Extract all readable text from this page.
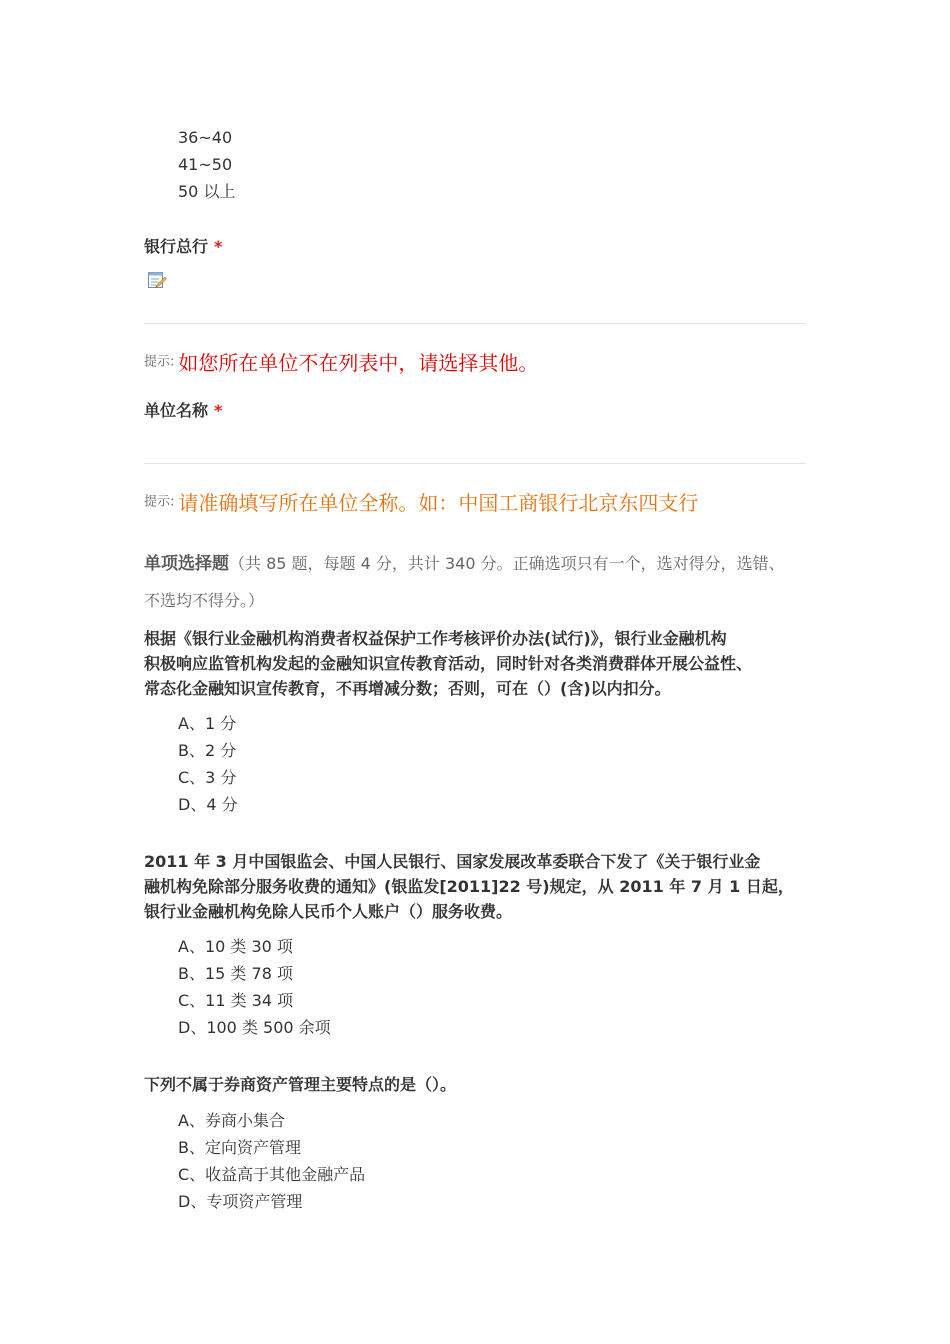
36~40
41~50
50 以上
银行总行 *
提示: 如您所在单位不在列表中，请选择其他。
单位名称 *
提示: 请准确填写所在单位全称。如：中国工商银行北京东四支行
单项选择题（共 85 题，每题 4 分，共计 340 分。正确选项只有一个，选对得分，选错、
不选均不得分。）
根据《银行业金融机构消费者权益保护工作考核评价办法(试行)》，银行业金融机构
积极响应监管机构发起的金融知识宣传教育活动，同时针对各类消费群体开展公益性、
常态化金融知识宣传教育，不再增减分数；否则，可在（）(含)以内扣分。
A、1 分
B、2 分
C、3 分
D、4 分
2011 年 3 月中国银监会、中国人民银行、国家发展改革委联合下发了《关于银行业金
融机构免除部分服务收费的通知》(银监发[2011]22 号)规定，从 2011 年 7 月 1 日起，
银行业金融机构免除人民币个人账户（）服务收费。
A、10 类 30 项
B、15 类 78 项
C、11 类 34 项
D、100 类 500 余项
下列不属于券商资产管理主要特点的是（）。
A、券商小集合
B、定向资产管理
C、收益高于其他金融产品
D、专项资产管理
